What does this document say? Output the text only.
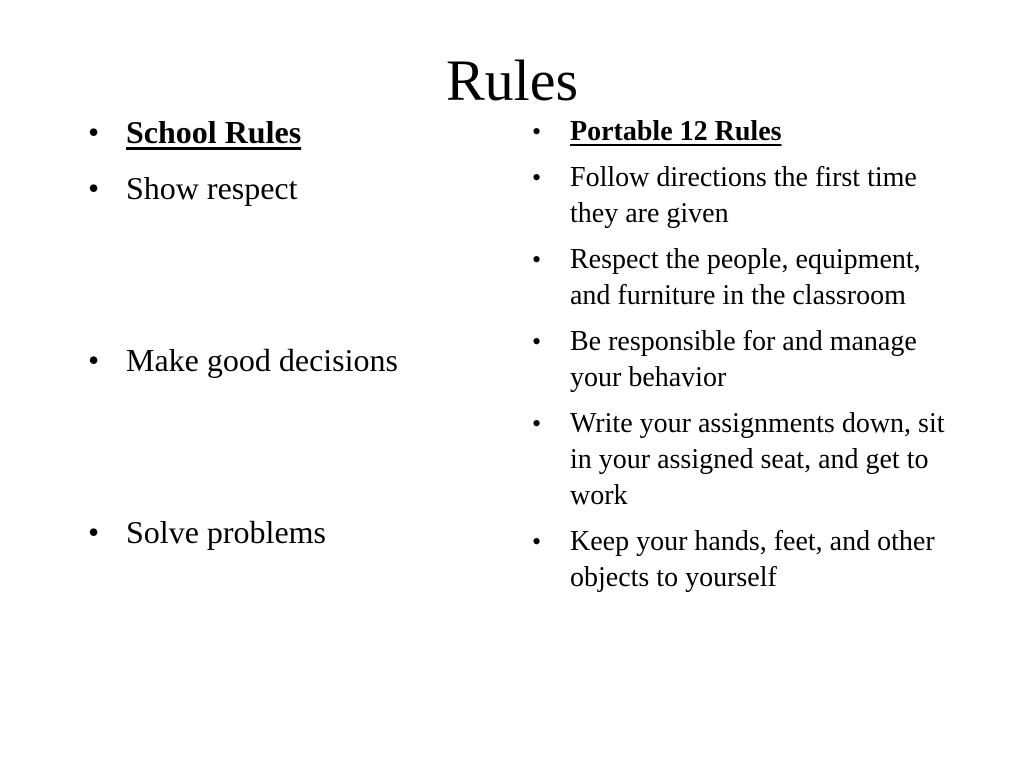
Rules
• School Rules
• Show respect
• Make good decisions
• Solve problems
•	Portable 12 Rules
•	Follow directions the first time they are given
•	Respect the people, equipment, and furniture in the classroom
•	Be responsible for and manage your behavior
•	Write your assignments down, sit in your assigned seat, and get to work
•	Keep your hands, feet, and other objects to yourself
